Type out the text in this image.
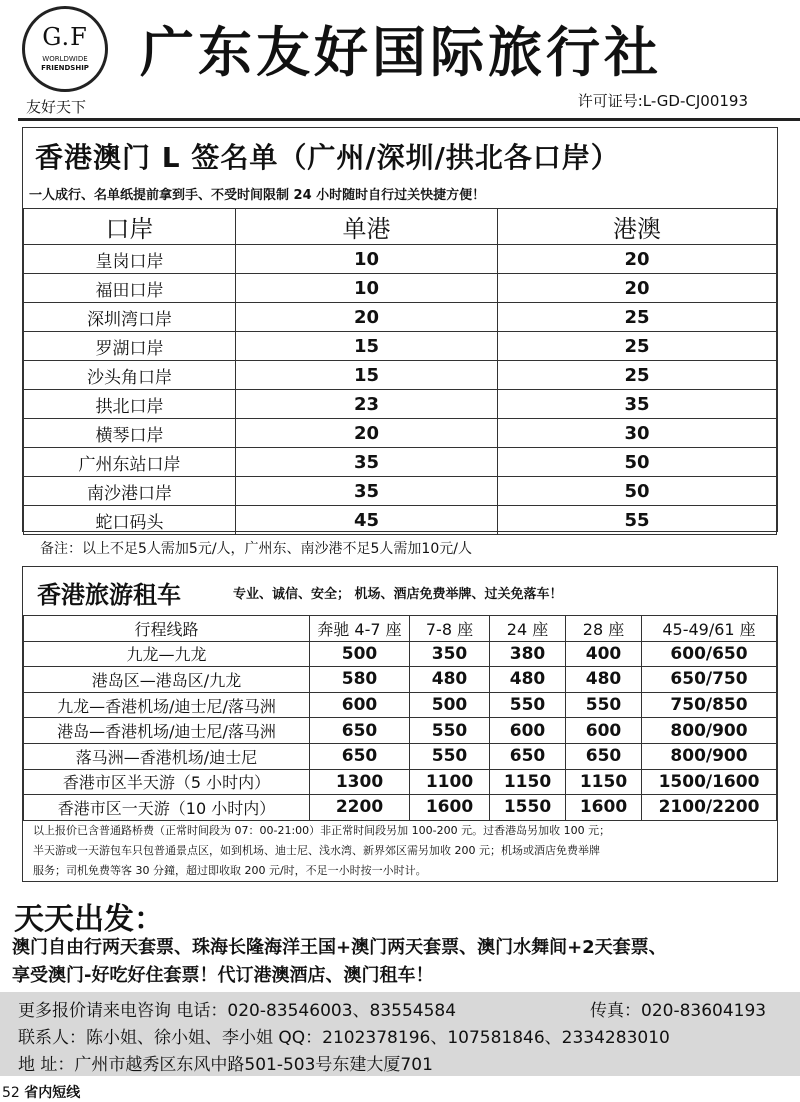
G.F
WORLDWIDE
FRIENDSHIP
友好天下
广东友好国际旅行社
许可证号:L-GD-CJ00193
香港澳门 L 签名单（广州/深圳/拱北各口岸）
一人成行、名单纸提前拿到手、不受时间限制 24 小时随时自行过关快捷方便！
口岸	单港	港澳
皇岗口岸	10	20
福田口岸	10	20
深圳湾口岸	20	25
罗湖口岸	15	25
沙头角口岸	15	25
拱北口岸	23	35
横琴口岸	20	30
广州东站口岸	35	50
南沙港口岸	35	50
蛇口码头	45	55
备注：以上不足5人需加5元/人，广州东、南沙港不足5人需加10元/人
香港旅游租车	专业、诚信、安全； 机场、酒店免费举牌、过关免落车！
行程线路	奔驰 4-7 座	7-8 座	24 座	28 座	45-49/61 座
九龙—九龙	500	350	380	400	600/650
港岛区—港岛区/九龙	580	480	480	480	650/750
九龙—香港机场/迪士尼/落马洲	600	500	550	550	750/850
港岛—香港机场/迪士尼/落马洲	650	550	600	600	800/900
落马洲—香港机场/迪士尼	650	550	650	650	800/900
香港市区半天游（5 小时内）	1300	1100	1150	1150	1500/1600
香港市区一天游（10 小时内）	2200	1600	1550	1600	2100/2200
以上报价已含普通路桥费（正常时间段为 07：00-21:00）非正常时间段另加 100-200 元。过香港岛另加收 100 元；
半天游或一天游包车只包普通景点区，如到机场、迪士尼、浅水湾、新界郊区需另加收 200 元；机场或酒店免费举牌
服务；司机免费等客 30 分鐘，超过即收取 200 元/时，不足一小时按一小时计。
天天出发：
澳门自由行两天套票、珠海长隆海洋王国+澳门两天套票、澳门水舞间+2天套票、
享受澳门-好吃好住套票！代订港澳酒店、澳门租车！
更多报价请来电咨询 电话：020-83546003、83554584	传真：020-83604193
联系人：陈小姐、徐小姐、李小姐 QQ：2102378196、107581846、2334283010
地 址：广州市越秀区东风中路501-503号东建大厦701
52 省内短线
